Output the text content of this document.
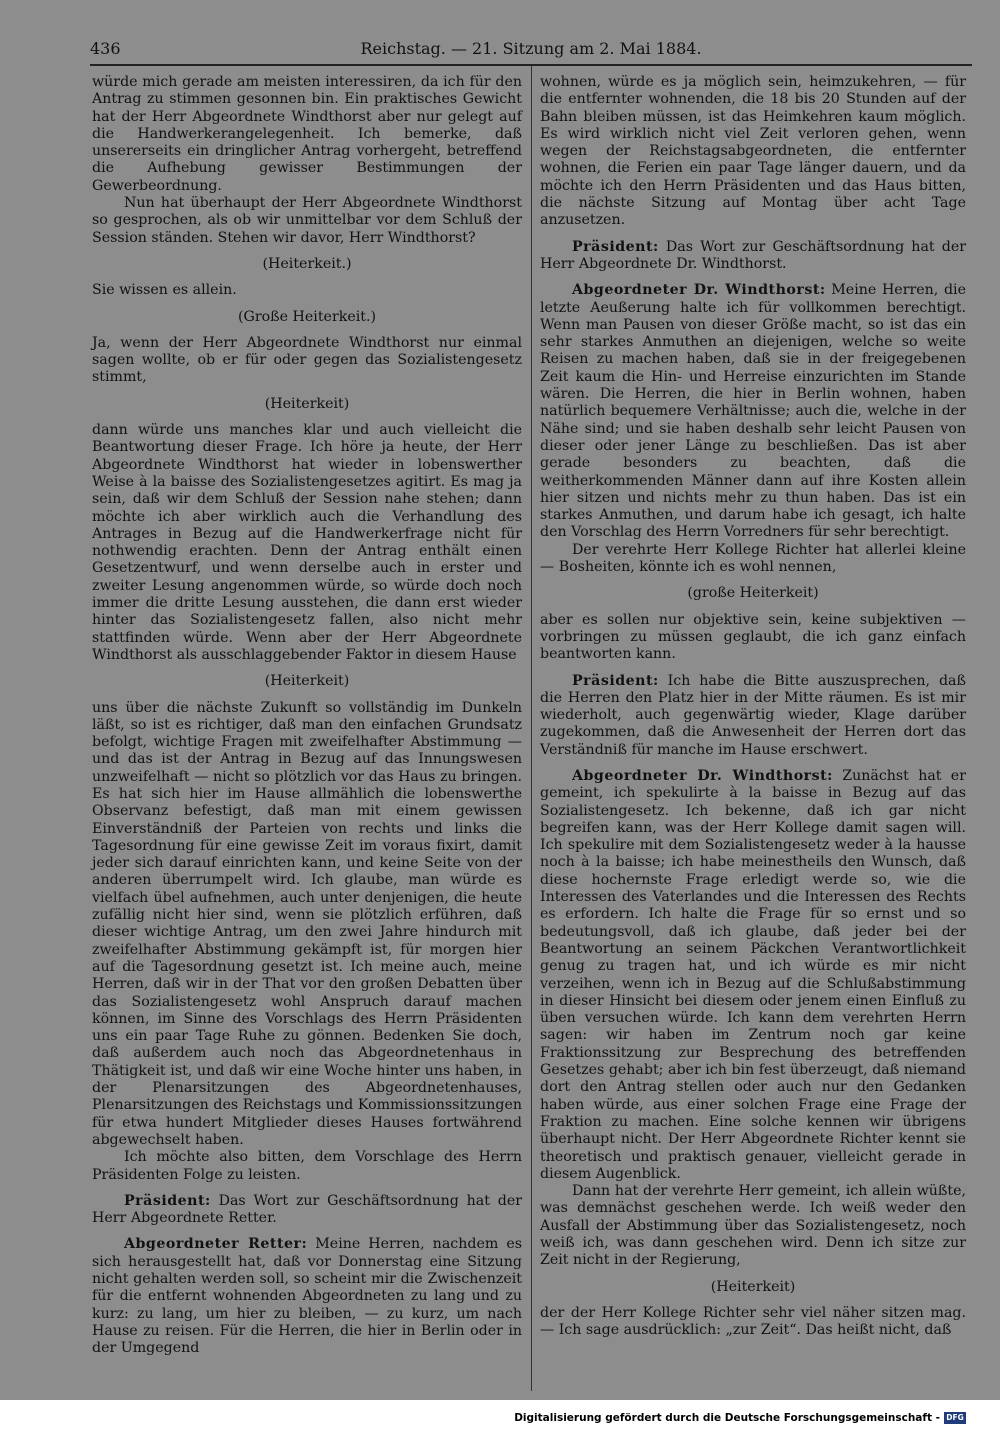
436	Reichstag. — 21. Sitzung am 2. Mai 1884.

würde mich gerade am meisten interessiren, da ich für den Antrag zu stimmen gesonnen bin. Ein praktisches Gewicht hat der Herr Abgeordnete Windthorst aber nur gelegt auf die Handwerkerangelegenheit. Ich bemerke, daß unsererseits ein dringlicher Antrag vorhergeht, betreffend die Aufhebung gewisser Bestimmungen der Gewerbeordnung.

Nun hat überhaupt der Herr Abgeordnete Windthorst so gesprochen, als ob wir unmittelbar vor dem Schluß der Session ständen. Stehen wir davor, Herr Windthorst?

(Heiterkeit.)

Sie wissen es allein.

(Große Heiterkeit.)

Ja, wenn der Herr Abgeordnete Windthorst nur einmal sagen wollte, ob er für oder gegen das Sozialistengesetz stimmt,

(Heiterkeit)

dann würde uns manches klar und auch vielleicht die Beantwortung dieser Frage. Ich höre ja heute, der Herr Abgeordnete Windthorst hat wieder in lobenswerther Weise à la baisse des Sozialistengesetzes agitirt. Es mag ja sein, daß wir dem Schluß der Session nahe stehen; dann möchte ich aber wirklich auch die Verhandlung des Antrages in Bezug auf die Handwerkerfrage nicht für nothwendig erachten. Denn der Antrag enthält einen Gesetzentwurf, und wenn derselbe auch in erster und zweiter Lesung angenommen würde, so würde doch noch immer die dritte Lesung ausstehen, die dann erst wieder hinter das Sozialistengesetz fallen, also nicht mehr stattfinden würde. Wenn aber der Herr Abgeordnete Windthorst als ausschlaggebender Faktor in diesem Hause

(Heiterkeit)

uns über die nächste Zukunft so vollständig im Dunkeln läßt, so ist es richtiger, daß man den einfachen Grundsatz befolgt, wichtige Fragen mit zweifelhafter Abstimmung — und das ist der Antrag in Bezug auf das Innungswesen unzweifelhaft — nicht so plötzlich vor das Haus zu bringen. Es hat sich hier im Hause allmählich die lobenswerthe Observanz befestigt, daß man mit einem gewissen Einverständniß der Parteien von rechts und links die Tagesordnung für eine gewisse Zeit im voraus fixirt, damit jeder sich darauf einrichten kann, und keine Seite von der anderen überrumpelt wird. Ich glaube, man würde es vielfach übel aufnehmen, auch unter denjenigen, die heute zufällig nicht hier sind, wenn sie plötzlich erführen, daß dieser wichtige Antrag, um den zwei Jahre hindurch mit zweifelhafter Abstimmung gekämpft ist, für morgen hier auf die Tagesordnung gesetzt ist. Ich meine auch, meine Herren, daß wir in der That vor den großen Debatten über das Sozialistengesetz wohl Anspruch darauf machen können, im Sinne des Vorschlags des Herrn Präsidenten uns ein paar Tage Ruhe zu gönnen. Bedenken Sie doch, daß außerdem auch noch das Abgeordnetenhaus in Thätigkeit ist, und daß wir eine Woche hinter uns haben, in der Plenarsitzungen des Abgeordnetenhauses, Plenarsitzungen des Reichstags und Kommissionssitzungen für etwa hundert Mitglieder dieses Hauses fortwährend abgewechselt haben.

Ich möchte also bitten, dem Vorschlage des Herrn Präsidenten Folge zu leisten.

Präsident: Das Wort zur Geschäftsordnung hat der Herr Abgeordnete Retter.

Abgeordneter Retter: Meine Herren, nachdem es sich herausgestellt hat, daß vor Donnerstag eine Sitzung nicht gehalten werden soll, so scheint mir die Zwischenzeit für die entfernt wohnenden Abgeordneten zu lang und zu kurz: zu lang, um hier zu bleiben, — zu kurz, um nach Hause zu reisen. Für die Herren, die hier in Berlin oder in der Umgegend

wohnen, würde es ja möglich sein, heimzukehren, — für die entfernter wohnenden, die 18 bis 20 Stunden auf der Bahn bleiben müssen, ist das Heimkehren kaum möglich. Es wird wirklich nicht viel Zeit verloren gehen, wenn wegen der Reichstagsabgeordneten, die entfernter wohnen, die Ferien ein paar Tage länger dauern, und da möchte ich den Herrn Präsidenten und das Haus bitten, die nächste Sitzung auf Montag über acht Tage anzusetzen.

Präsident: Das Wort zur Geschäftsordnung hat der Herr Abgeordnete Dr. Windthorst.

Abgeordneter Dr. Windthorst: Meine Herren, die letzte Aeußerung halte ich für vollkommen berechtigt. Wenn man Pausen von dieser Größe macht, so ist das ein sehr starkes Anmuthen an diejenigen, welche so weite Reisen zu machen haben, daß sie in der freigegebenen Zeit kaum die Hin- und Herreise einzurichten im Stande wären. Die Herren, die hier in Berlin wohnen, haben natürlich bequemere Verhältnisse; auch die, welche in der Nähe sind; und sie haben deshalb sehr leicht Pausen von dieser oder jener Länge zu beschließen. Das ist aber gerade besonders zu beachten, daß die weitherkommenden Männer dann auf ihre Kosten allein hier sitzen und nichts mehr zu thun haben. Das ist ein starkes Anmuthen, und darum habe ich gesagt, ich halte den Vorschlag des Herrn Vorredners für sehr berechtigt.

Der verehrte Herr Kollege Richter hat allerlei kleine — Bosheiten, könnte ich es wohl nennen,

(große Heiterkeit)

aber es sollen nur objektive sein, keine subjektiven — vorbringen zu müssen geglaubt, die ich ganz einfach beantworten kann.

Präsident: Ich habe die Bitte auszusprechen, daß die Herren den Platz hier in der Mitte räumen. Es ist mir wiederholt, auch gegenwärtig wieder, Klage darüber zugekommen, daß die Anwesenheit der Herren dort das Verständniß für manche im Hause erschwert.

Abgeordneter Dr. Windthorst: Zunächst hat er gemeint, ich spekulirte à la baisse in Bezug auf das Sozialistengesetz. Ich bekenne, daß ich gar nicht begreifen kann, was der Herr Kollege damit sagen will. Ich spekulire mit dem Sozialistengesetz weder à la hausse noch à la baisse; ich habe meinestheils den Wunsch, daß diese hochernste Frage erledigt werde so, wie die Interessen des Vaterlandes und die Interessen des Rechts es erfordern. Ich halte die Frage für so ernst und so bedeutungsvoll, daß ich glaube, daß jeder bei der Beantwortung an seinem Päckchen Verantwortlichkeit genug zu tragen hat, und ich würde es mir nicht verzeihen, wenn ich in Bezug auf die Schlußabstimmung in dieser Hinsicht bei diesem oder jenem einen Einfluß zu üben versuchen würde. Ich kann dem verehrten Herrn sagen: wir haben im Zentrum noch gar keine Fraktionssitzung zur Besprechung des betreffenden Gesetzes gehabt; aber ich bin fest überzeugt, daß niemand dort den Antrag stellen oder auch nur den Gedanken haben würde, aus einer solchen Frage eine Frage der Fraktion zu machen. Eine solche kennen wir übrigens überhaupt nicht. Der Herr Abgeordnete Richter kennt sie theoretisch und praktisch genauer, vielleicht gerade in diesem Augenblick.

Dann hat der verehrte Herr gemeint, ich allein wüßte, was demnächst geschehen werde. Ich weiß weder den Ausfall der Abstimmung über das Sozialistengesetz, noch weiß ich, was dann geschehen wird. Denn ich sitze zur Zeit nicht in der Regierung,

(Heiterkeit)

der der Herr Kollege Richter sehr viel näher sitzen mag. — Ich sage ausdrücklich: „zur Zeit“. Das heißt nicht, daß

Digitalisierung gefördert durch die Deutsche Forschungsgemeinschaft - DFG
